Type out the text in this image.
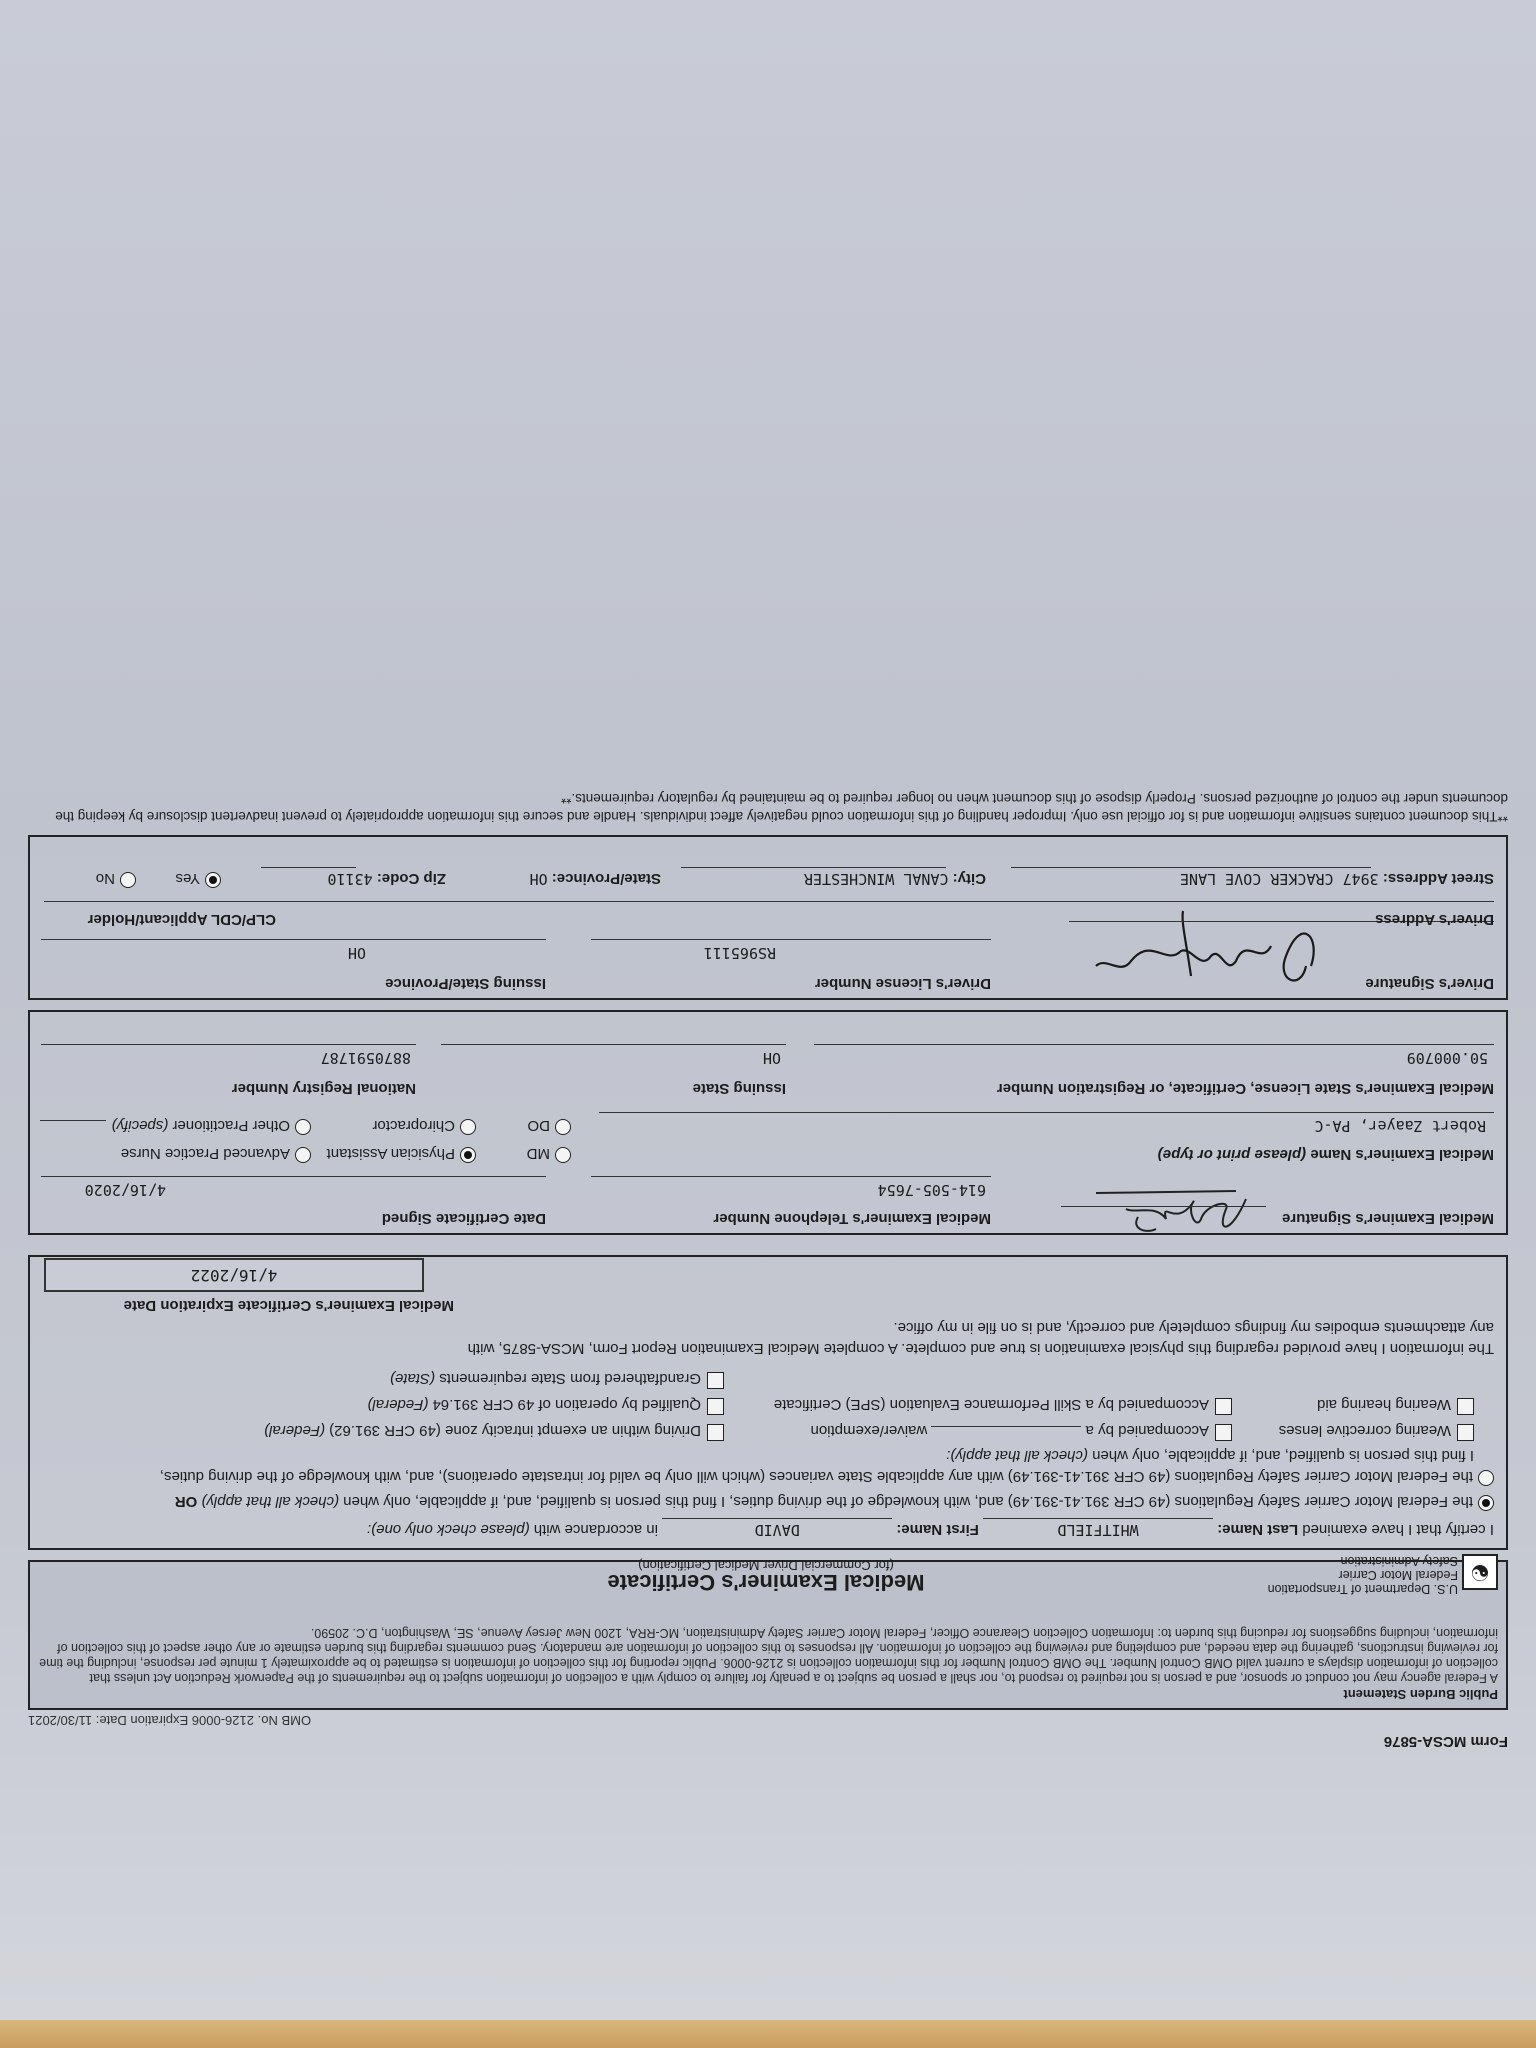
Form MCSA-5876
OMB No. 2126-0006 Expiration Date: 11/30/2021
Public Burden Statement
A Federal agency may not conduct or sponsor, and a person is not required to respond to, nor shall a person be subject to a penalty for failure to comply with a collection of information subject to the requirements of the Paperwork Reduction Act unless that collection of information displays a current valid OMB Control Number. The OMB Control Number for this information collection is 2126-0006. Public reporting for this collection of information is estimated to be approximately 1 minute per response, including the time for reviewing instructions, gathering the data needed, and completing and reviewing the collection of information. All responses to this collection of information are mandatory. Send comments regarding this burden estimate or any other aspect of this collection of information, including suggestions for reducing this burden to: Information Collection Clearance Officer, Federal Motor Carrier Safety Administration, MC-RRA, 1200 New Jersey Avenue, SE, Washington, D.C. 20590.
☯
U.S. Department of Transportation
Federal Motor Carrier
Safety Administration
Medical Examiner's Certificate
(for Commercial Driver Medical Certification)
I certify that I have examined Last Name: WHITFIELD First Name: DAVID in accordance with (please check only one):
the Federal Motor Carrier Safety Regulations (49 CFR 391.41-391.49) and, with knowledge of the driving duties, I find this person is qualified, and, if applicable, only when (check all that apply) OR
the Federal Motor Carrier Safety Regulations (49 CFR 391.41-391.49) with any applicable State variances (which will only be valid for intrastate operations), and, with knowledge of the driving duties,
I find this person is qualified, and, if applicable, only when (check all that apply):
Wearing corrective lenses
Accompanied by a  waiver/exemption
Driving within an exempt intracity zone (49 CFR 391.62) (Federal)
Wearing hearing aid
Accompanied by a Skill Performance Evaluation (SPE) Certificate
Qualified by operation of 49 CFR 391.64 (Federal)
Grandfathered from State requirements (State)
The information I have provided regarding this physical examination is true and complete. A complete Medical Examination Report Form, MCSA-5875, with any attachments embodies my findings completely and correctly, and is on file in my office.
Medical Examiner's Certificate Expiration Date
4/16/2022
Medical Examiner's Signature
Medical Examiner's Telephone Number
614-505-7654
Date Certificate Signed
4/16/2020
Medical Examiner's Name (please print or type)
Robert Zaayer, PA-C
MD
Physician Assistant
Advanced Practice Nurse
DO
Chiropractor
Other Practitioner (specify)
Medical Examiner's State License, Certificate, or Registration Number
50.000709
Issuing State
OH
National Registry Number
8870591787
Driver's Signature
Driver's License Number
RS965111
Issuing State/Province
OH
Driver's Address
CLP/CDL Applicant/Holder
Street Address: 3947 CRACKER COVE LANE
City: CANAL WINCHESTER
State/Province: OH
Zip Code: 43110
Yes
No
**This document contains sensitive information and is for official use only. Improper handling of this information could negatively affect individuals. Handle and secure this information appropriately to prevent inadvertent disclosure by keeping the documents under the control of authorized persons. Properly dispose of this document when no longer required to be maintained by regulatory requirements.**
